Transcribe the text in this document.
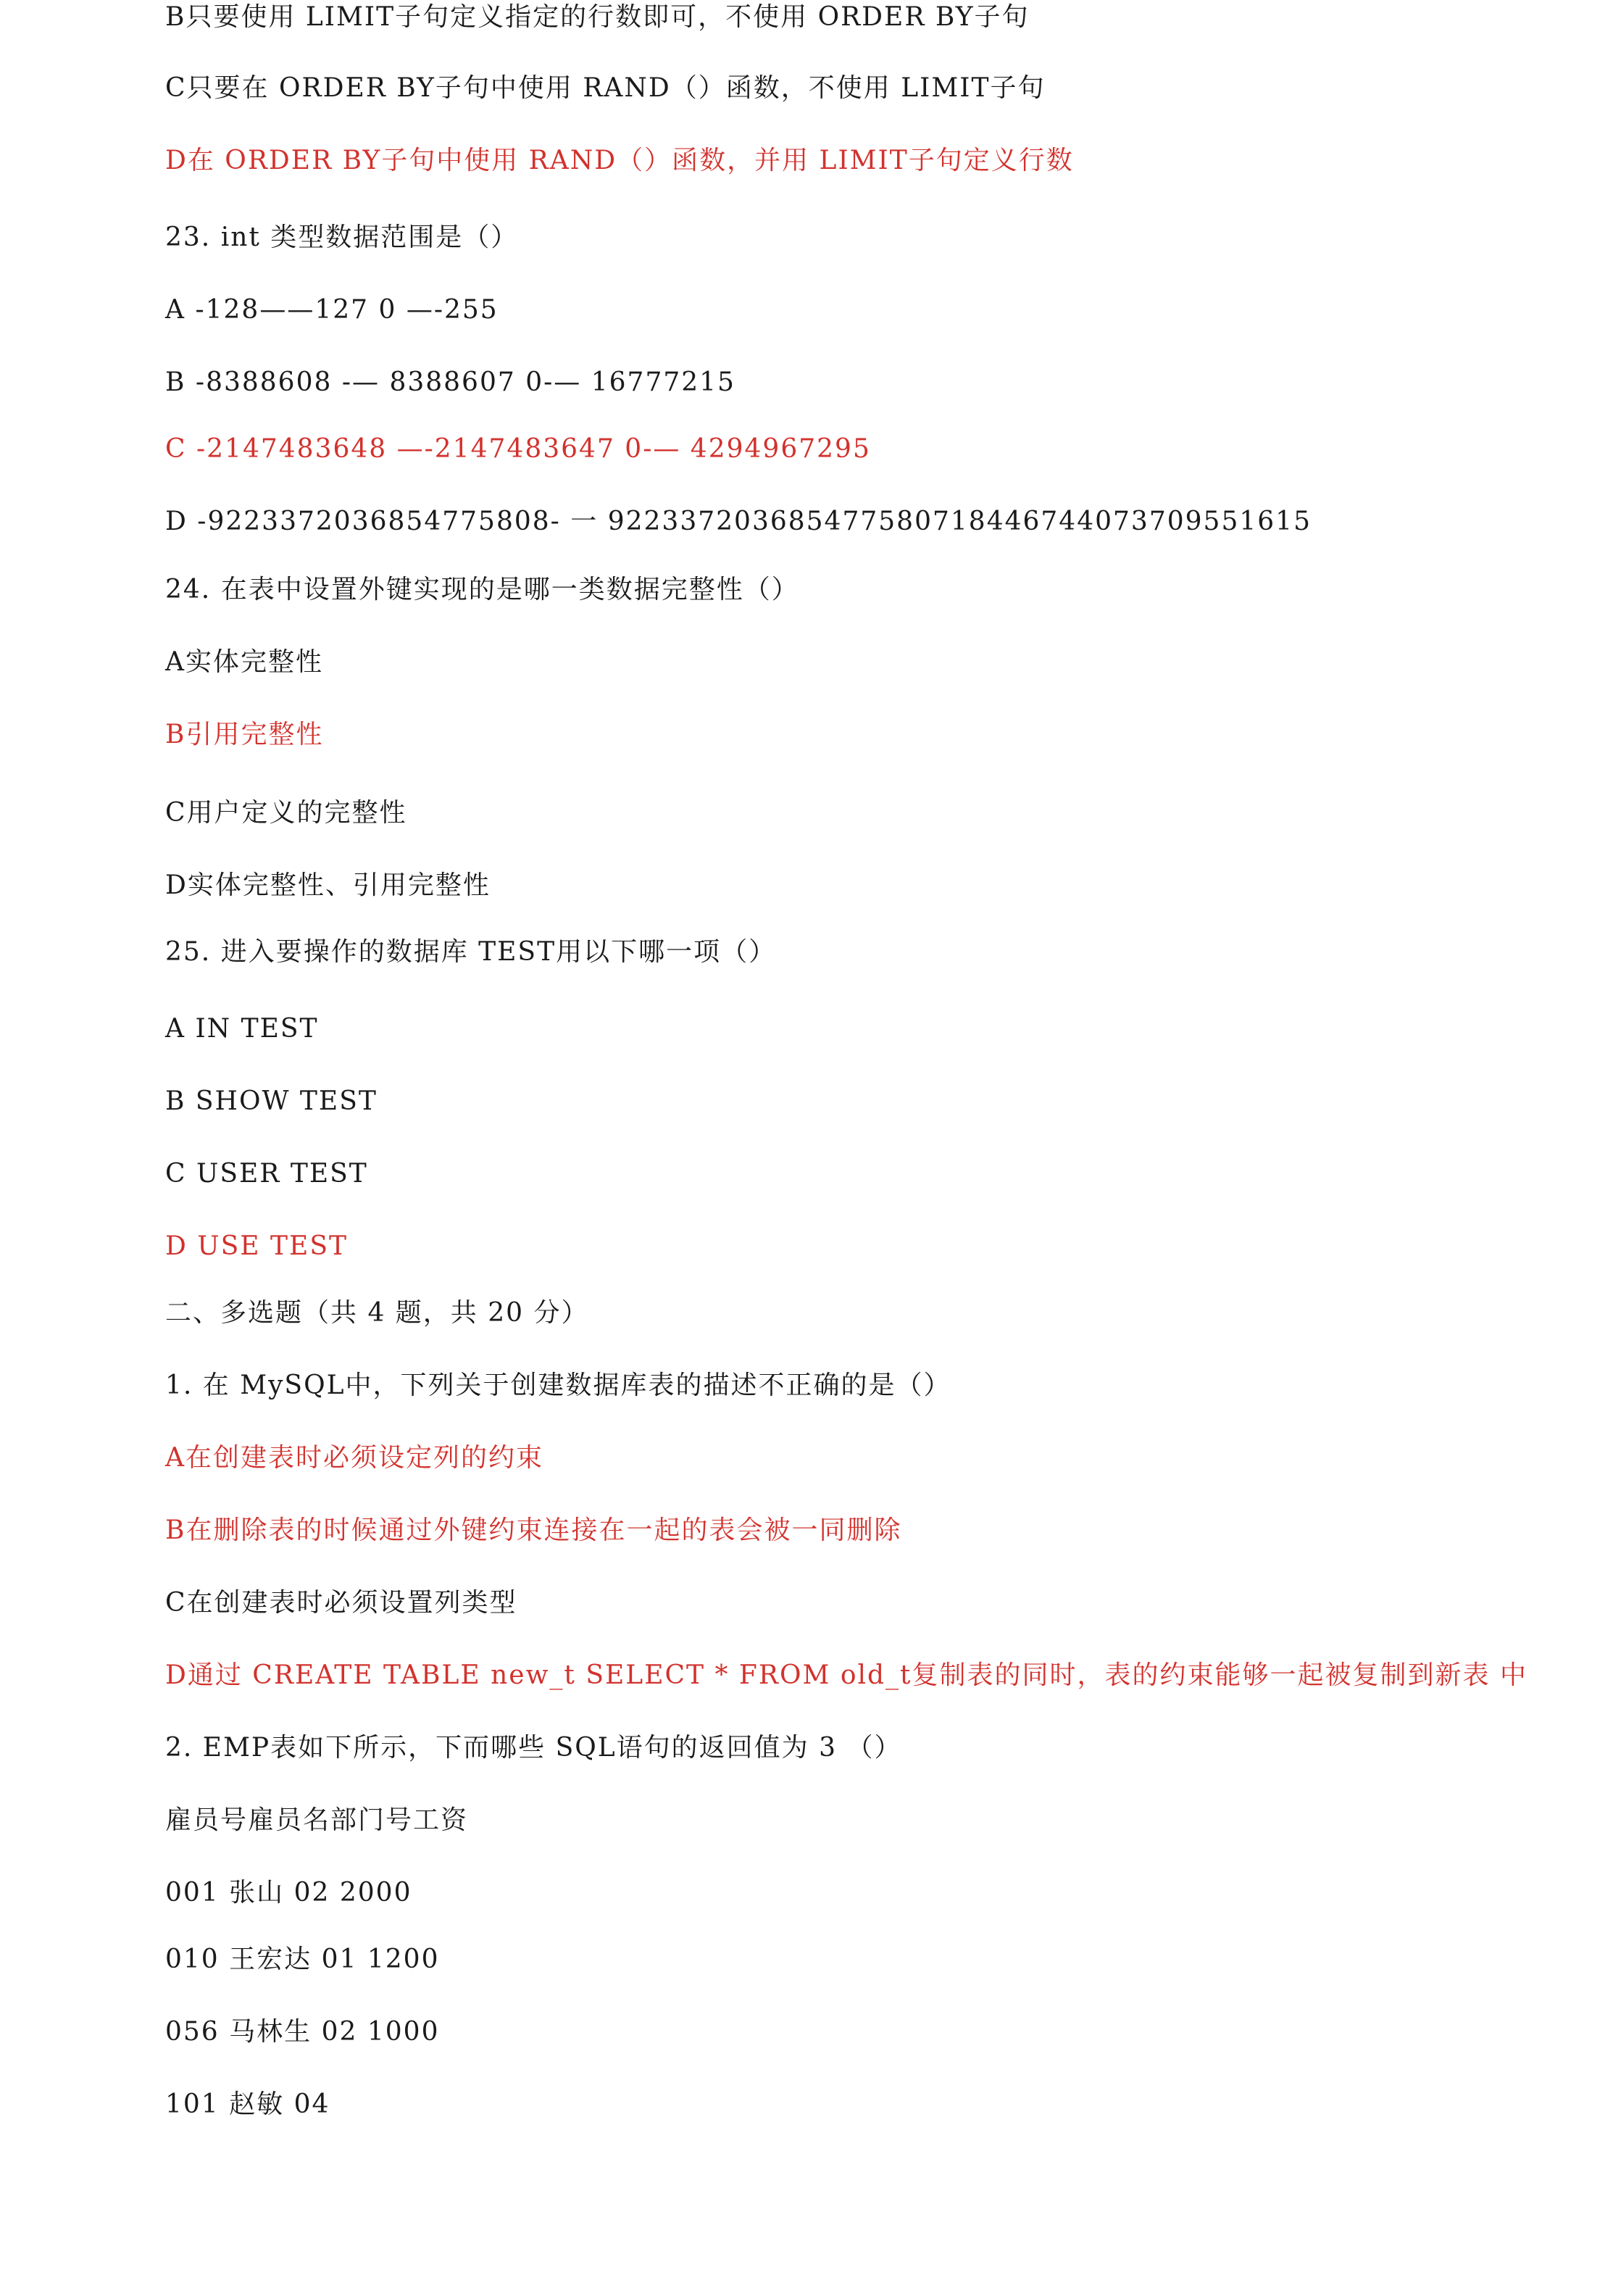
B只要使用 LIMIT子句定义指定的行数即可，不使用 ORDER BY子句
C只要在 ORDER BY子句中使用 RAND（）函数，不使用 LIMIT子句
D在 ORDER BY子句中使用 RAND（）函数，并用 LIMIT子句定义行数
23. int 类型数据范围是（）
A -128——127 0 —-255
B -8388608 -— 8388607 0-— 16777215
C -2147483648 —-2147483647 0-— 4294967295
D -9223372036854775808- 一 922337203685477580718446744073709551615
24. 在表中设置外键实现的是哪一类数据完整性（）
A实体完整性
B引用完整性
C用户定义的完整性
D实体完整性、引用完整性
25. 进入要操作的数据库 TEST用以下哪一项（）
A IN TEST
B SHOW TEST
C USER TEST
D USE TEST
二、多选题（共 4 题，共 20 分）
1. 在 MySQL中，下列关于创建数据库表的描述不正确的是（）
A在创建表时必须设定列的约束
B在删除表的时候通过外键约束连接在一起的表会被一同删除
C在创建表时必须设置列类型
D通过 CREATE TABLE new_t SELECT * FROM old_t复制表的同时，表的约束能够一起被复制到新表 中
2. EMP表如下所示，下而哪些 SQL语句的返回值为 3 （）
雇员号雇员名部门号工资
001 张山 02 2000
010 王宏达 01 1200
056 马林生 02 1000
101 赵敏 04
